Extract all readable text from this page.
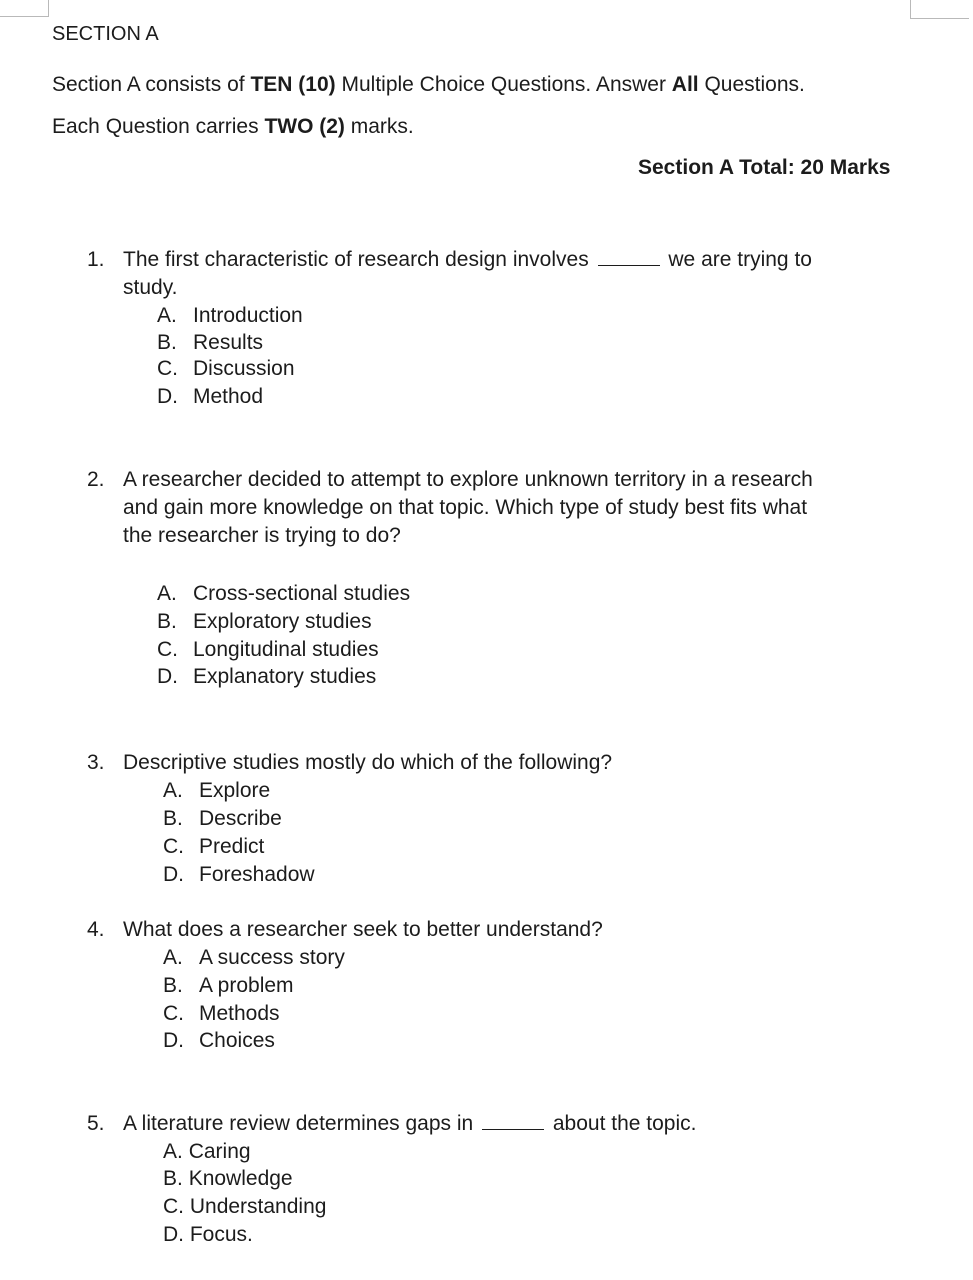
SECTION A
Section A consists of TEN (10) Multiple Choice Questions. Answer All Questions.
Each Question carries TWO (2) marks.
Section A Total: 20 Marks
1. The first characteristic of research design involves	we are trying to
study.
A. Introduction
B. Results
C. Discussion
D. Method
2. A researcher decided to attempt to explore unknown territory in a research
and gain more knowledge on that topic. Which type of study best fits what
the researcher is trying to do?
A. Cross-sectional studies
B. Exploratory studies
C. Longitudinal studies
D. Explanatory studies
3. Descriptive studies mostly do which of the following?
A. Explore
B. Describe
C. Predict
D. Foreshadow
4. What does a researcher seek to better understand?
A. A success story
B. A problem
C. Methods
D. Choices
5. A literature review determines gaps in	about the topic.
A. Caring
B. Knowledge
C. Understanding
D. Focus.
